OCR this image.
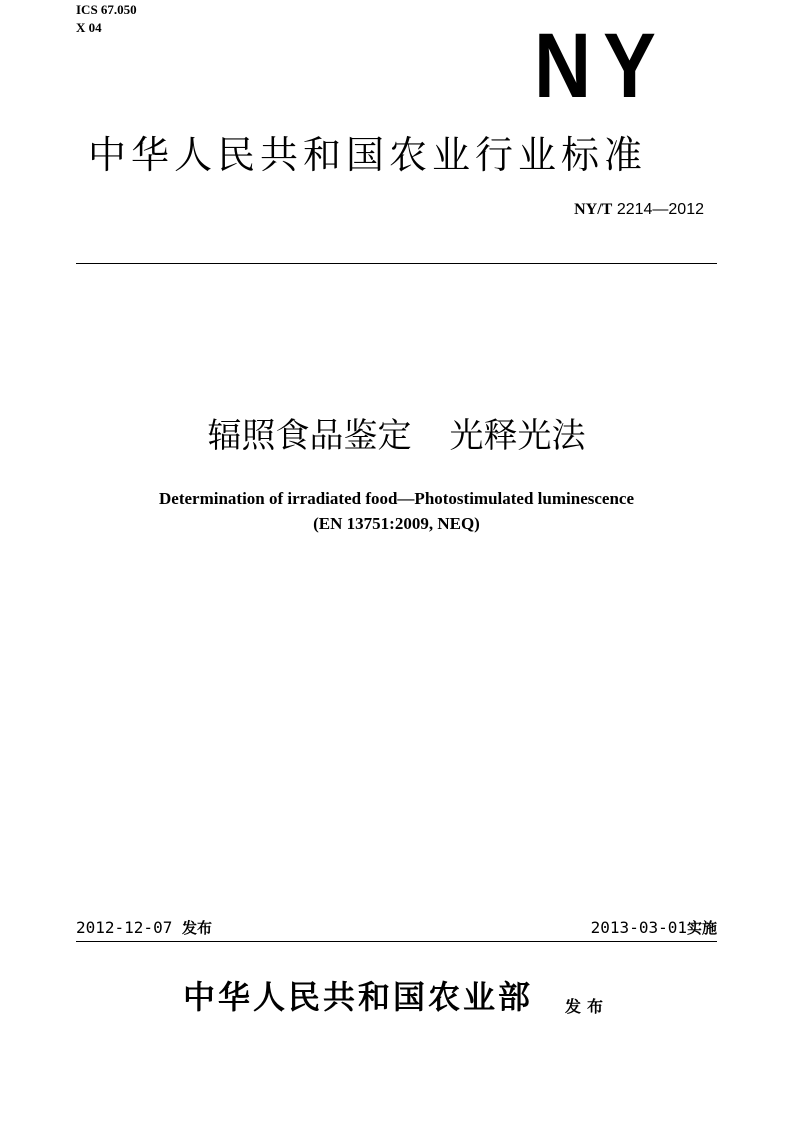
ICS 67.050
X 04	NY
中华人民共和国农业行业标准
NY/T 2214—2012
辐照食品鉴定 光释光法
Determination of irradiated food—Photostimulated luminescence
(EN 13751:2009, NEQ)
2012-12-07 发布	2013-03-01实施
中华人民共和国农业部 发布
